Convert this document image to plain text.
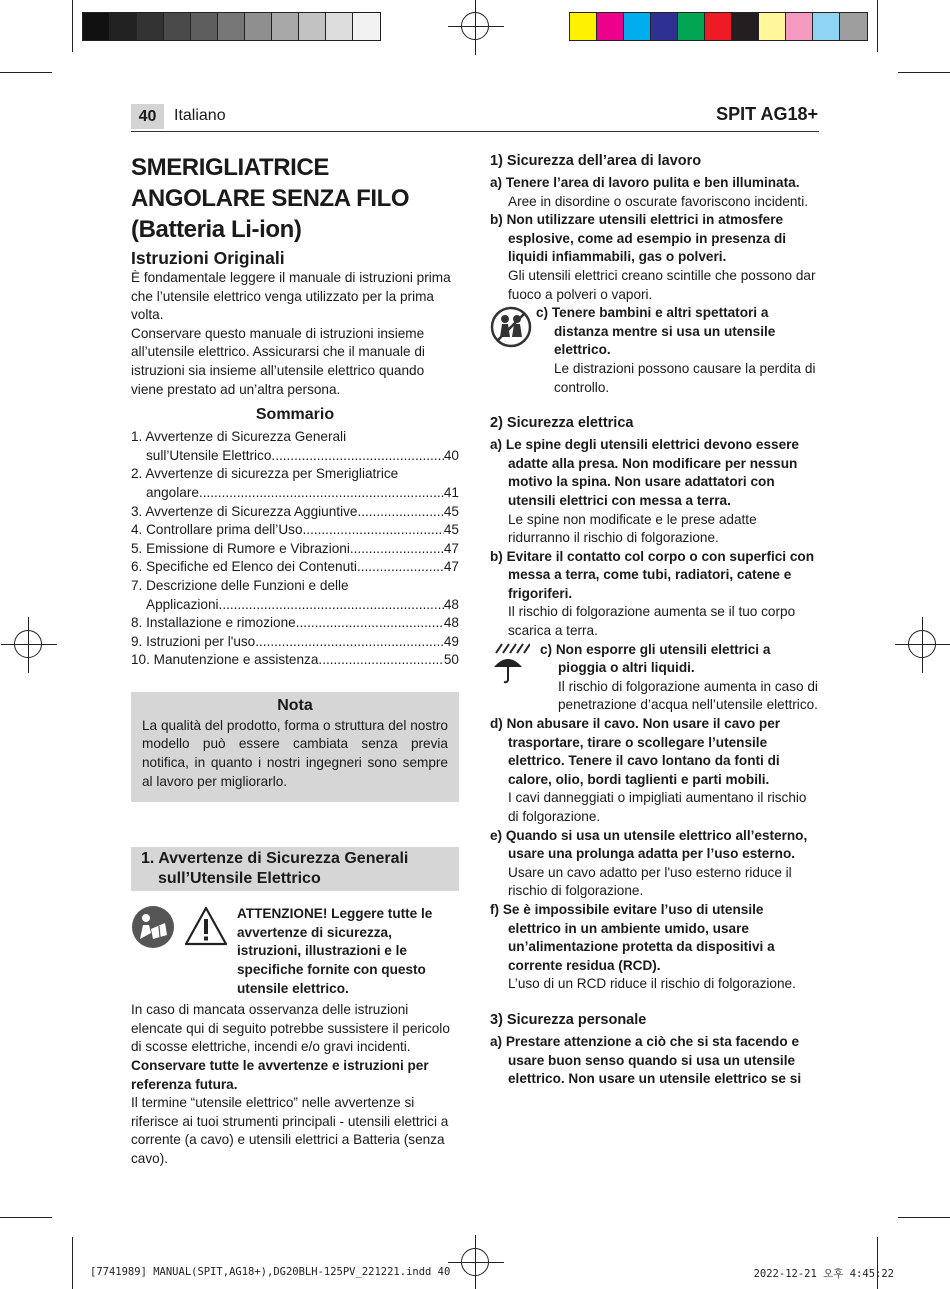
40	Italiano	SPIT AG18+
SMERIGLIATRICE
ANGOLARE SENZA FILO
(Batteria Li-ion)
Istruzioni Originali

È fondamentale leggere il manuale di istruzioni prima che l’utensile elettrico venga utilizzato per la prima volta.

Conservare questo manuale di istruzioni insieme all’utensile elettrico. Assicurarsi che il manuale di istruzioni sia insieme all’utensile elettrico quando viene prestato ad un’altra persona.

Sommario
1. Avvertenze di Sicurezza Generali
sull’Utensile Elettrico .....	40
2. Avvertenze di sicurezza per Smerigliatrice
angolare .....	41
3. Avvertenze di Sicurezza Aggiuntive .....	45
4. Controllare prima dell’Uso .....	45
5. Emissione di Rumore e Vibrazioni .....	47
6. Specifiche ed Elenco dei Contenuti .....	47
7. Descrizione delle Funzioni e delle
Applicazioni .....	48
8. Installazione e rimozione .....	48
9. Istruzioni per l'uso .....	49
10. Manutenzione e assistenza .....	50
Nota

La qualità del prodotto, forma o struttura del nostro modello può essere cambiata senza previa notifica, in quanto i nostri ingegneri sono sempre al lavoro per migliorarlo.

1. Avvertenze di Sicurezza Generali
sull’Utensile Elettrico
ATTENZIONE! Leggere tutte le avvertenze di sicurezza, istruzioni, illustrazioni e le specifiche fornite con questo utensile elettrico.

In caso di mancata osservanza delle istruzioni elencate qui di seguito potrebbe sussistere il pericolo di scosse elettriche, incendi e/o gravi incidenti.

Conservare tutte le avvertenze e istruzioni per referenza futura.

Il termine “utensile elettrico” nelle avvertenze si riferisce ai tuoi strumenti principali - utensili elettrici a corrente (a cavo) e utensili elettrici a Batteria (senza cavo).

1) Sicurezza dell’area di lavoro
a) Tenere l’area di lavoro pulita e ben illuminata.
Aree in disordine o oscurate favoriscono incidenti.
b) Non utilizzare utensili elettrici in atmosfere esplosive, come ad esempio in presenza di liquidi infiammabili, gas o polveri.
Gli utensili elettrici creano scintille che possono dar fuoco a polveri o vapori.
c) Tenere bambini e altri spettatori a distanza mentre si usa un utensile elettrico.
Le distrazioni possono causare la perdita di controllo.
2) Sicurezza elettrica
a) Le spine degli utensili elettrici devono essere adatte alla presa. Non modificare per nessun motivo la spina. Non usare adattatori con utensili elettrici con messa a terra.
Le spine non modificate e le prese adatte ridurranno il rischio di folgorazione.
b) Evitare il contatto col corpo o con superfici con messa a terra, come tubi, radiatori, catene e frigoriferi.
Il rischio di folgorazione aumenta se il tuo corpo scarica a terra.
c) Non esporre gli utensili elettrici a pioggia o altri liquidi.
Il rischio di folgorazione aumenta in caso di penetrazione d’acqua nell’utensile elettrico.
d) Non abusare il cavo. Non usare il cavo per trasportare, tirare o scollegare l’utensile elettrico. Tenere il cavo lontano da fonti di calore, olio, bordi taglienti e parti mobili.
I cavi danneggiati o impigliati aumentano il rischio di folgorazione.
e) Quando si usa un utensile elettrico all’esterno, usare una prolunga adatta per l’uso esterno.
Usare un cavo adatto per l'uso esterno riduce il rischio di folgorazione.
f) Se è impossibile evitare l’uso di utensile elettrico in un ambiente umido, usare un’alimentazione protetta da dispositivi a corrente residua (RCD).
L’uso di un RCD riduce il rischio di folgorazione.
3) Sicurezza personale
a) Prestare attenzione a ciò che si sta facendo e usare buon senso quando si usa un utensile elettrico. Non usare un utensile elettrico se si
[7741989] MANUAL(SPIT,AG18+),DG20BLH-125PV_221221.indd 40	2022-12-21 오후 4:45:22
